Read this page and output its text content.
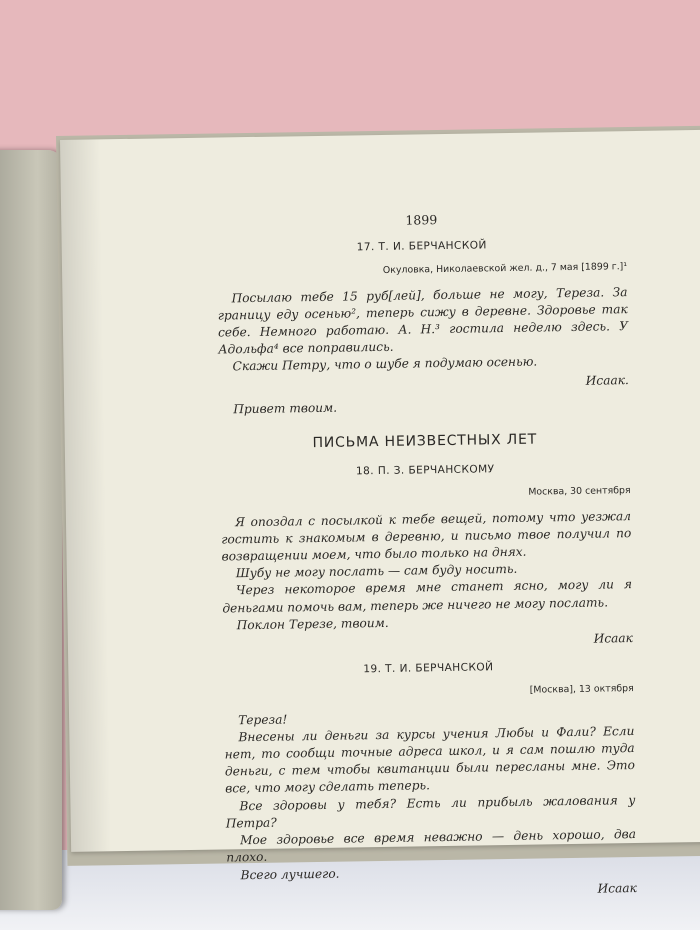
1899
17. Т. И. БЕРЧАНСКОЙ
Окуловка, Николаевской жел. д., 7 мая [1899 г.]¹

Посылаю тебе 15 руб[лей], больше не могу, Тереза. За границу еду осенью², теперь сижу в деревне. Здоровье так себе. Немного работаю. А. Н.³ гостила неделю здесь. У Адольфа⁴ все поправились.

Скажи Петру, что о шубе я подумаю осенью.

Исаак.

Привет твоим.

ПИСЬМА НЕИЗВЕСТНЫХ ЛЕТ
18. П. З. БЕРЧАНСКОМУ
Москва, 30 сентября

Я опоздал с посылкой к тебе вещей, потому что уезжал гостить к знакомым в деревню, и письмо твое получил по возвращении моем, что было только на днях.

Шубу не могу послать — сам буду носить.

Через некоторое время мне станет ясно, могу ли я деньгами помочь вам, теперь же ничего не могу послать.

Поклон Терезе, твоим.

Исаак
19. Т. И. БЕРЧАНСКОЙ
[Москва], 13 октября

Тереза!

Внесены ли деньги за курсы учения Любы и Фали? Если нет, то сообщи точные адреса школ, и я сам пошлю туда деньги, с тем чтобы квитанции были пересланы мне. Это все, что могу сделать теперь.

Все здоровы у тебя? Есть ли прибыль жалования у Петра?

Мое здоровье все время неважно — день хорошо, два плохо.

Всего лучшего.

Исаак
